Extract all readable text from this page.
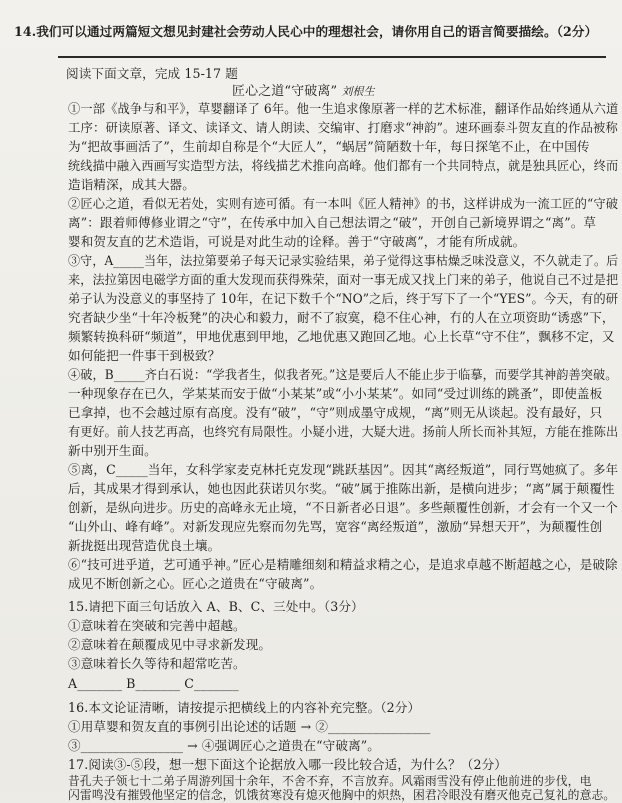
14.我们可以通过两篇短文想见封建社会劳动人民心中的理想社会，请你用自己的语言简要描绘。（2分）
阅读下面文章，完成 15-17 题
匠心之道“守破离” 刘根生
①一部《战争与和平》，草婴翻译了 6年。他一生追求像原著一样的艺术标准，翻译作品始终通从六道
工序：研读原著、译文、读译文、请人朗读、交编审、打磨求“神韵”。速环画泰斗贺友直的作品被称
为“把故事画活了”，生前却自称是个“大匠人”，“蜗居”简陋数十年，每日探笔不止，在中国传
统线描中融入西画写实造型方法，将线描艺术推向高峰。他们都有一个共同特点，就是独具匠心，终而
造诣精深，成其大器。
②匠心之道，看似无若处，实则有迹可循。有一本叫《匠人精神》的书，这样讲成为一流工匠的“守破
离”：跟着师傅修业谓之“守”，在传承中加入自己想法谓之“破”，开创自己新境界谓之“离”。草
婴和贺友直的艺术造诣，可说是对此生动的诠释。善于“守破离”，才能有所成就。
③守，A_____当年，法拉第要弟子每天记录实验结果，弟子觉得这事枯燥乏味没意义，不久就走了。后
来，法拉第因电磁学方面的重大发现而获得殊荣，面对一事无成又找上门来的弟子，他说自己不过是把
弟子认为没意义的事坚持了 10年，在记下数千个“NO”之后，终于写下了一个“YES”。今天，有的研
究者缺少坐“十年冷板凳”的决心和毅力，耐不了寂寞，稳不住心神，冇的人在立项资助“诱惑”下，
频繁转换科研“频道”，甲地优惠到甲地，乙地优惠又跑回乙地。心上长草“守不住”，飘移不定，又
如何能把一件事干到极致？
④破，B_____齐白石说：“学我者生，似我者死。”这是要后人不能止步于临摹，而要学其神韵善突破。
一种现象存在已久，学某某而安于做“小某某”或“小小某某”。如同“受过训练的跳蚤”，即使盖板
已拿掉，也不会越过原有高度。没有“破”，“守”则成墨守成规，“离”则无从谈起。没有最好，只
有更好。前人技艺再高，也终究有局限性。小疑小进，大疑大进。扬前人所长而补其短，方能在推陈出
新中别开生面。
⑤离，C_____当年，女科学家麦克林托克发现“跳跃基因”。因其“离经叛道”，同行骂她疯了。多年
后，其成果才得到承认，她也因此获诺贝尔奖。“破”属于推陈出新，是横向进步；“离”属于颠覆性
创新，是纵向进步。历史的高峰永无止境，“不日新者必日退”。多些颠覆性创新，才会有一个又一个
“山外山、峰有峰”。对新发现应先察而勿先骂，宽容“离经叛道”，激励“异想天开”，为颠覆性创
新拢挺出现营造优良土壤。
⑥“技可进乎道，艺可通乎神。”匠心是精雕细刻和精益求精之心，是追求卓越不断超越之心，是破除
成见不断创新之心。匠心之道贵在“守破离”。
15.请把下面三句话放入 A、B、C、三处中。（3分）
①意味着在突破和完善中超越。
②意味着在颠覆成见中寻求新发现。
③意味着长久等待和超常吃苦。
A_______ B_______ C_______
16.本文论证清晰，请按提示把横线上的内容补充完整。（2分）
①用草婴和贺友直的事例引出论述的话题 → ②________________
③________________ → ④强调匠心之道贵在“守破离”。
17.阅读③-⑤段，想一想下面这个论据放入哪一段比较合适，为什么？（2分）
昔孔夫子领七十二弟子周游列国十余年，不舍不弃，不言放弃。风霜雨雪没有停止他前进的步伐，电
闪雷鸣没有摧毁他坚定的信念，饥饿贫寒没有熄灭他胸中的炽热，困君冷眼没有磨灭他克己复礼的意志。
